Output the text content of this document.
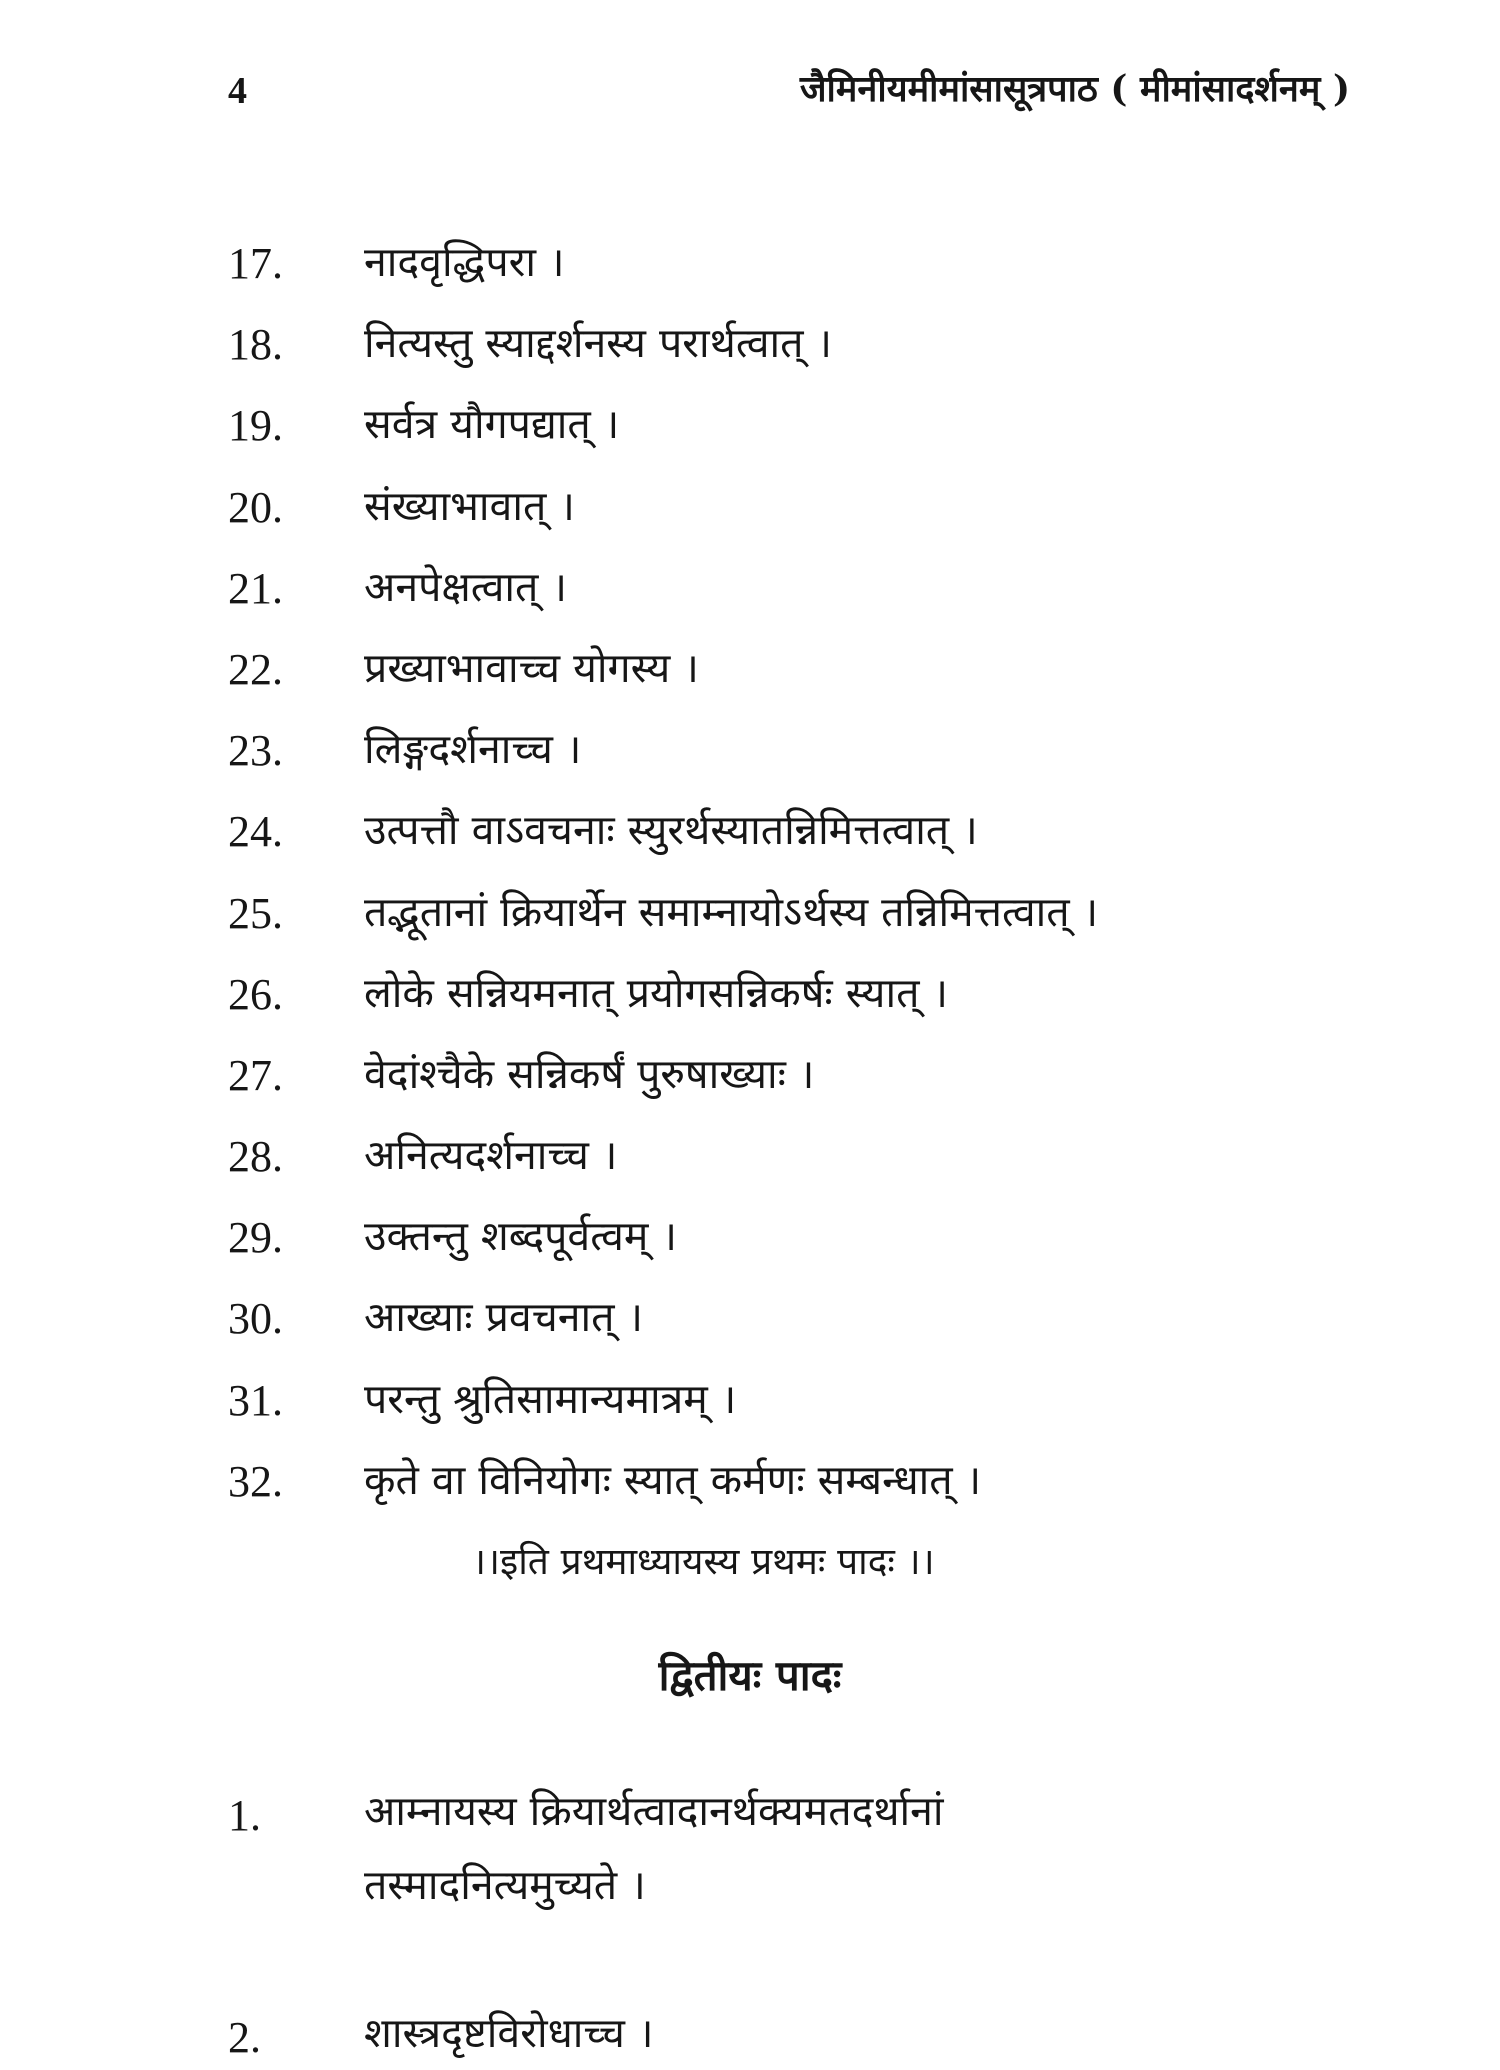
4	जैमिनीयमीमांसासूत्रपाठ ( मीमांसादर्शनम् )
17. नादवृद्धिपरा ।
18. नित्यस्तु स्याद्दर्शनस्य परार्थत्वात् ।
19. सर्वत्र यौगपद्यात् ।
20. संख्याभावात् ।
21. अनपेक्षत्वात् ।
22. प्रख्याभावाच्च योगस्य ।
23. लिङ्गदर्शनाच्च ।
24. उत्पत्तौ वाऽवचनाः स्युरर्थस्यातन्निमित्तत्वात् ।
25. तद्भूतानां क्रियार्थेन समाम्नायोऽर्थस्य तन्निमित्तत्वात् ।
26. लोके सन्नियमनात् प्रयोगसन्निकर्षः स्यात् ।
27. वेदांश्चैके सन्निकर्षं पुरुषाख्याः ।
28. अनित्यदर्शनाच्च ।
29. उक्तन्तु शब्दपूर्वत्वम् ।
30. आख्याः प्रवचनात् ।
31. परन्तु श्रुतिसामान्यमात्रम् ।
32. कृते वा विनियोगः स्यात् कर्मणः सम्बन्धात् ।
।।इति प्रथमाध्यायस्य प्रथमः पादः ।।
द्वितीयः पादः
1.	आम्नायस्य क्रियार्थत्वादानर्थक्यमतदर्थानां
तस्मादनित्यमुच्यते ।
2.	शास्त्रदृष्टविरोधाच्च ।
